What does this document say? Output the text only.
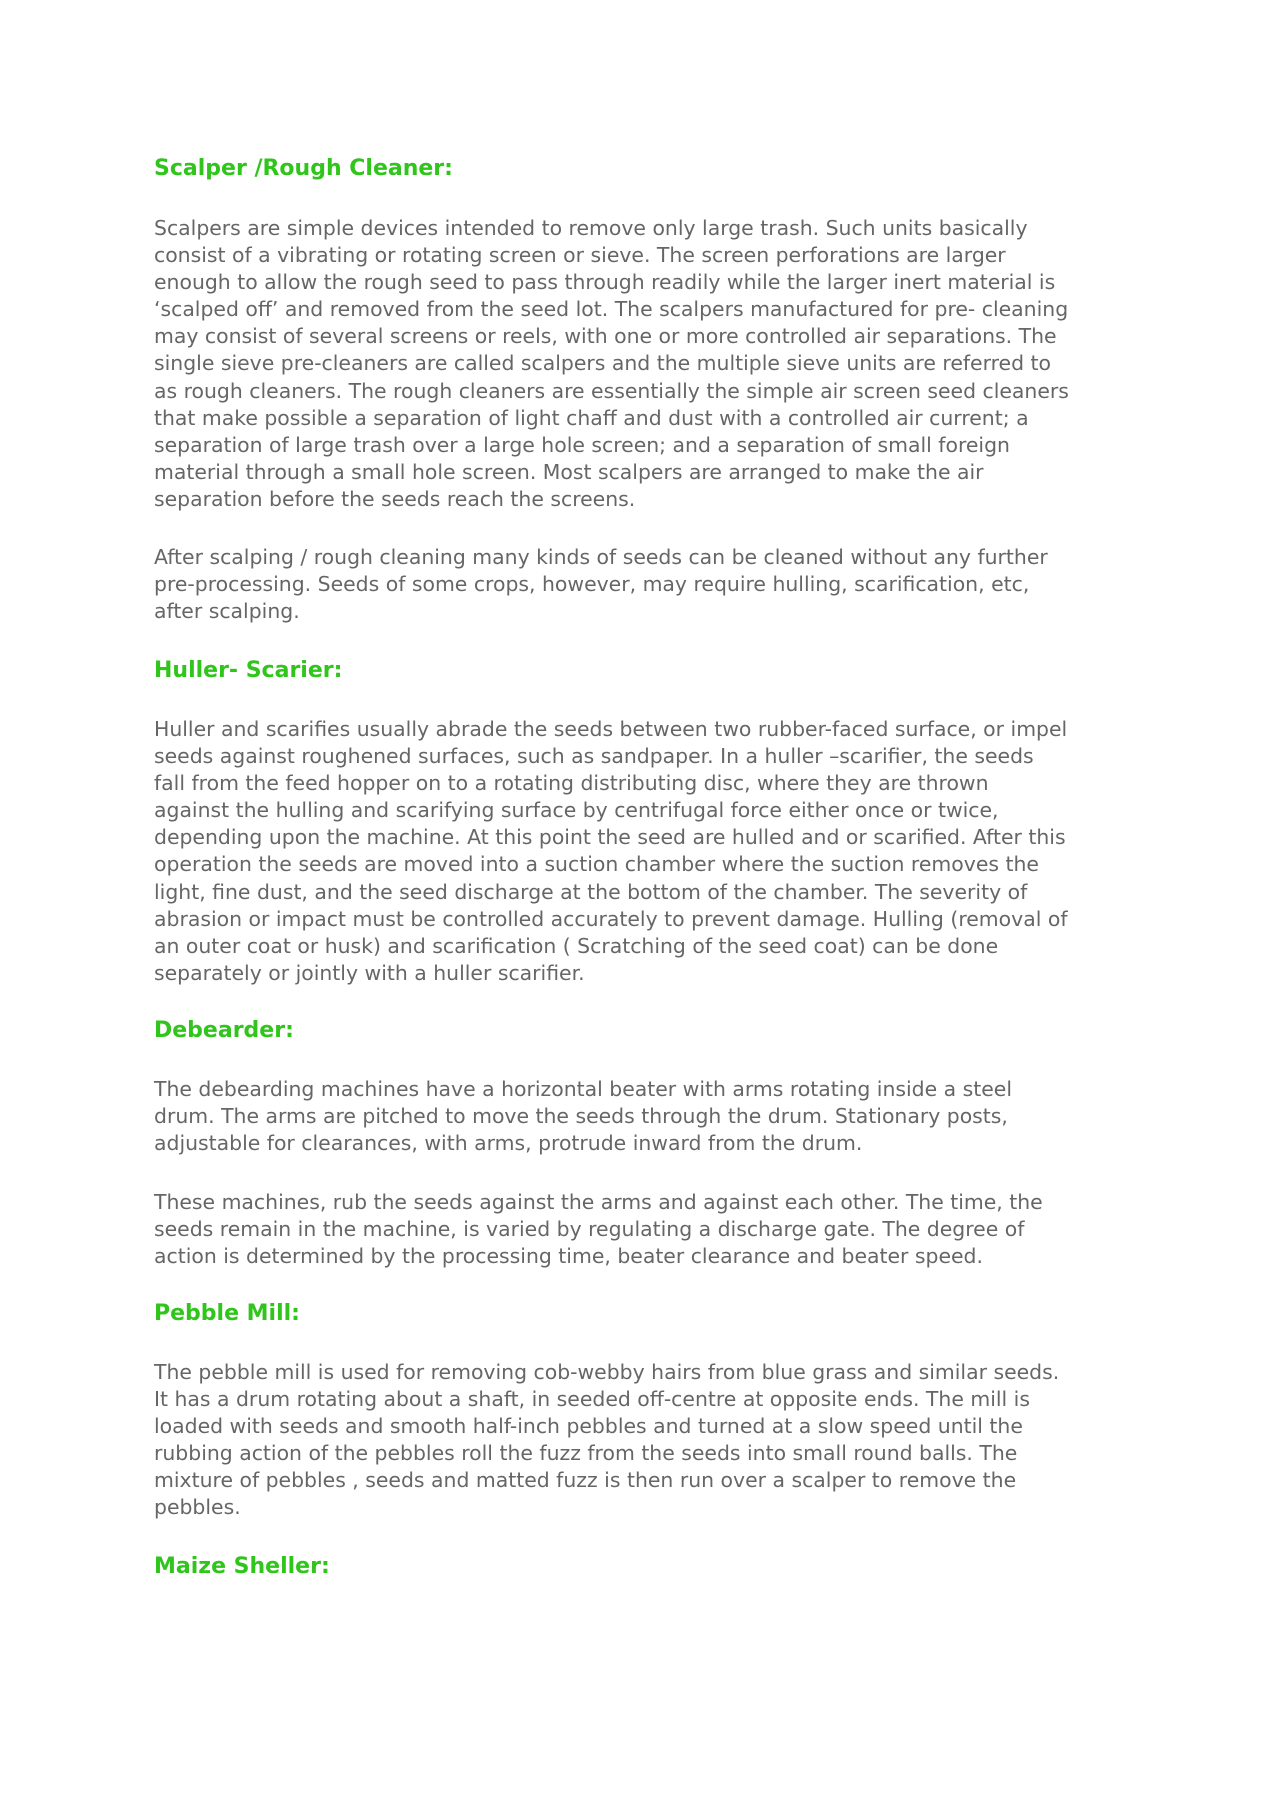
Scalper /Rough Cleaner:

Scalpers are simple devices intended to remove only large trash. Such units basically
consist of a vibrating or rotating screen or sieve. The screen perforations are larger
enough to allow the rough seed to pass through readily while the larger inert material is
‘scalped off’ and removed from the seed lot. The scalpers manufactured for pre- cleaning
may consist of several screens or reels, with one or more controlled air separations. The
single sieve pre-cleaners are called scalpers and the multiple sieve units are referred to
as rough cleaners. The rough cleaners are essentially the simple air screen seed cleaners
that make possible a separation of light chaff and dust with a controlled air current; a
separation of large trash over a large hole screen; and a separation of small foreign
material through a small hole screen. Most scalpers are arranged to make the air
separation before the seeds reach the screens.

After scalping / rough cleaning many kinds of seeds can be cleaned without any further
pre-processing. Seeds of some crops, however, may require hulling, scarification, etc,
after scalping.

Huller- Scarier:

Huller and scarifies usually abrade the seeds between two rubber-faced surface, or impel
seeds against roughened surfaces, such as sandpaper. In a huller –scarifier, the seeds
fall from the feed hopper on to a rotating distributing disc, where they are thrown
against the hulling and scarifying surface by centrifugal force either once or twice,
depending upon the machine. At this point the seed are hulled and or scarified. After this
operation the seeds are moved into a suction chamber where the suction removes the
light, fine dust, and the seed discharge at the bottom of the chamber. The severity of
abrasion or impact must be controlled accurately to prevent damage. Hulling (removal of
an outer coat or husk) and scarification ( Scratching of the seed coat) can be done
separately or jointly with a huller scarifier.

Debearder:

The debearding machines have a horizontal beater with arms rotating inside a steel
drum. The arms are pitched to move the seeds through the drum. Stationary posts,
adjustable for clearances, with arms, protrude inward from the drum.

These machines, rub the seeds against the arms and against each other. The time, the
seeds remain in the machine, is varied by regulating a discharge gate. The degree of
action is determined by the processing time, beater clearance and beater speed.

Pebble Mill:

The pebble mill is used for removing cob-webby hairs from blue grass and similar seeds.
It has a drum rotating about a shaft, in seeded off-centre at opposite ends. The mill is
loaded with seeds and smooth half-inch pebbles and turned at a slow speed until the
rubbing action of the pebbles roll the fuzz from the seeds into small round balls. The
mixture of pebbles , seeds and matted fuzz is then run over a scalper to remove the
pebbles.

Maize Sheller:
